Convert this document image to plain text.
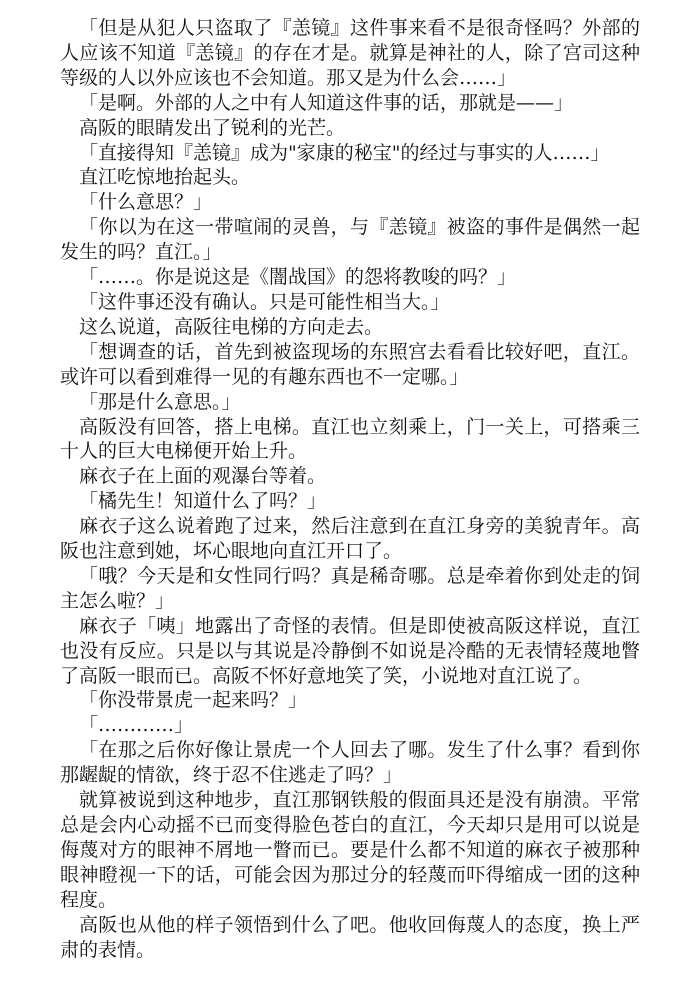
「但是从犯人只盗取了『恙镜』这件事来看不是很奇怪吗？外部的人应该不知道『恙镜』的存在才是。就算是神社的人，除了宫司这种等级的人以外应该也不会知道。那又是为什么会……」

「是啊。外部的人之中有人知道这件事的话，那就是——」

高阪的眼睛发出了锐利的光芒。

「直接得知『恙镜』成为"家康的秘宝"的经过与事实的人……」

直江吃惊地抬起头。

「什么意思？」

「你以为在这一带喧闹的灵兽，与『恙镜』被盗的事件是偶然一起发生的吗？直江。」

「……。你是说这是《闇战国》的怨将教唆的吗？」

「这件事还没有确认。只是可能性相当大。」

这么说道，高阪往电梯的方向走去。

「想调查的话，首先到被盗现场的东照宫去看看比较好吧，直江。或许可以看到难得一见的有趣东西也不一定哪。」

「那是什么意思。」

高阪没有回答，搭上电梯。直江也立刻乘上，门一关上，可搭乘三十人的巨大电梯便开始上升。

麻衣子在上面的观瀑台等着。

「橘先生！知道什么了吗？」

麻衣子这么说着跑了过来，然后注意到在直江身旁的美貌青年。高阪也注意到她，坏心眼地向直江开口了。

「哦？今天是和女性同行吗？真是稀奇哪。总是牵着你到处走的饲主怎么啦？」

麻衣子「咦」地露出了奇怪的表情。但是即使被高阪这样说，直江也没有反应。只是以与其说是冷静倒不如说是冷酷的无表情轻蔑地瞥了高阪一眼而已。高阪不怀好意地笑了笑，小说地对直江说了。

「你没带景虎一起来吗？」

「…………」

「在那之后你好像让景虎一个人回去了哪。发生了什么事？看到你那龌龊的情欲，终于忍不住逃走了吗？」

就算被说到这种地步，直江那钢铁般的假面具还是没有崩溃。平常总是会内心动摇不已而变得脸色苍白的直江，今天却只是用可以说是侮蔑对方的眼神不屑地一瞥而已。要是什么都不知道的麻衣子被那种眼神瞪视一下的话，可能会因为那过分的轻蔑而吓得缩成一团的这种程度。

高阪也从他的样子领悟到什么了吧。他收回侮蔑人的态度，换上严肃的表情。
